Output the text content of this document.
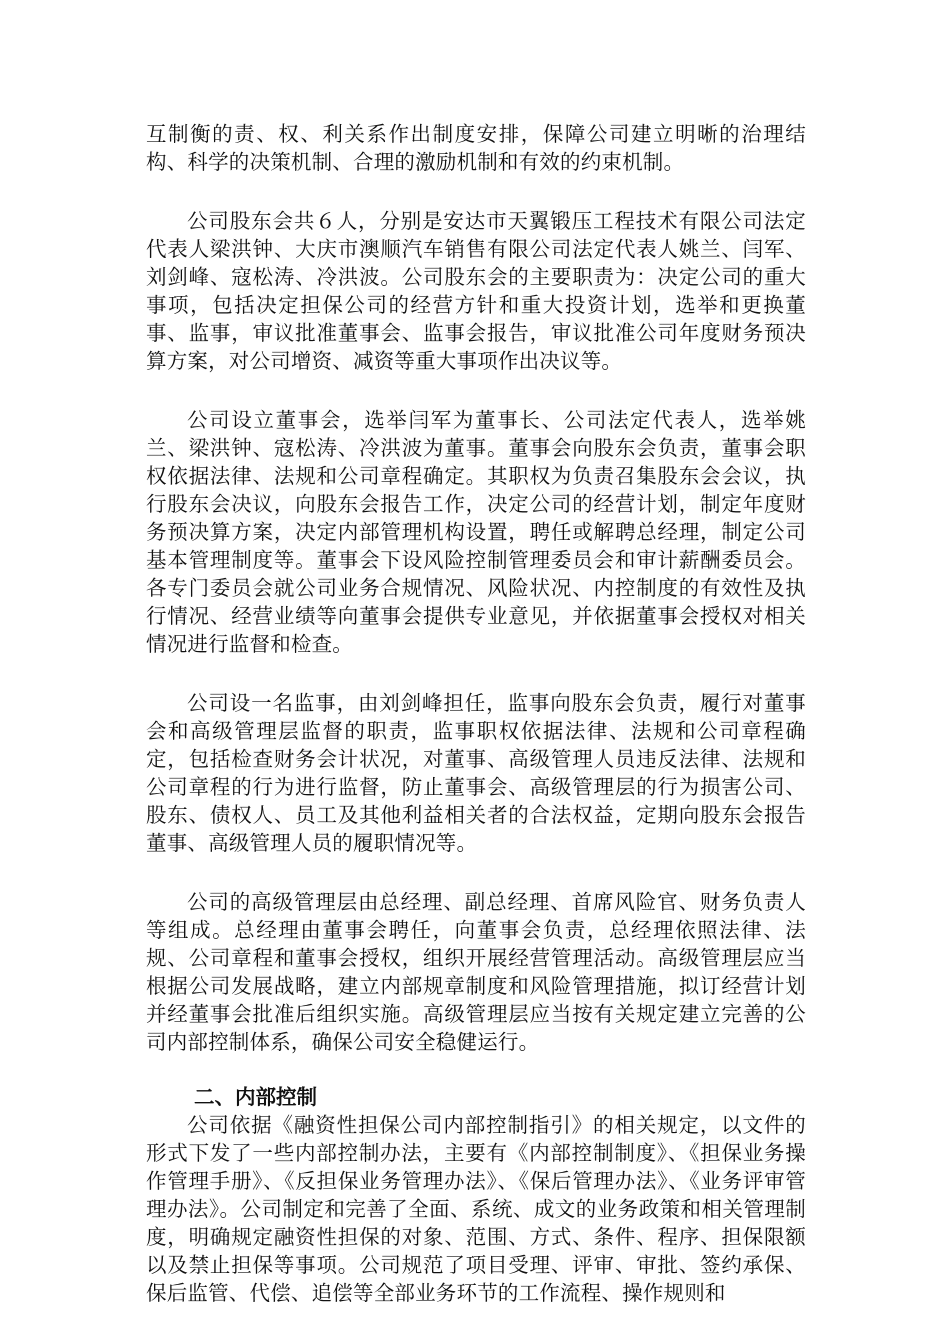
互制衡的责、权、利关系作出制度安排，保障公司建立明晰的治理结构、科学的决策机制、合理的激励机制和有效的约束机制。

公司股东会共６人，分别是安达市天翼锻压工程技术有限公司法定代表人梁洪钟、大庆市澳顺汽车销售有限公司法定代表人姚兰、闫军、刘剑峰、寇松涛、冷洪波。公司股东会的主要职责为：决定公司的重大事项，包括决定担保公司的经营方针和重大投资计划，选举和更换董事、监事，审议批准董事会、监事会报告，审议批准公司年度财务预决算方案，对公司增资、减资等重大事项作出决议等。

公司设立董事会，选举闫军为董事长、公司法定代表人，选举姚兰、梁洪钟、寇松涛、冷洪波为董事。董事会向股东会负责，董事会职权依据法律、法规和公司章程确定。其职权为负责召集股东会会议，执行股东会决议，向股东会报告工作，决定公司的经营计划，制定年度财务预决算方案，决定内部管理机构设置，聘任或解聘总经理，制定公司基本管理制度等。董事会下设风险控制管理委员会和审计薪酬委员会。各专门委员会就公司业务合规情况、风险状况、内控制度的有效性及执行情况、经营业绩等向董事会提供专业意见，并依据董事会授权对相关情况进行监督和检查。

公司设一名监事，由刘剑峰担任，监事向股东会负责，履行对董事会和高级管理层监督的职责，监事职权依据法律、法规和公司章程确定，包括检查财务会计状况，对董事、高级管理人员违反法律、法规和公司章程的行为进行监督，防止董事会、高级管理层的行为损害公司、股东、债权人、员工及其他利益相关者的合法权益，定期向股东会报告董事、高级管理人员的履职情况等。

公司的高级管理层由总经理、副总经理、首席风险官、财务负责人等组成。总经理由董事会聘任，向董事会负责，总经理依照法律、法规、公司章程和董事会授权，组织开展经营管理活动。高级管理层应当根据公司发展战略，建立内部规章制度和风险管理措施，拟订经营计划并经董事会批准后组织实施。高级管理层应当按有关规定建立完善的公司内部控制体系，确保公司安全稳健运行。

二、内部控制

公司依据《融资性担保公司内部控制指引》的相关规定，以文件的形式下发了一些内部控制办法，主要有《内部控制制度》、《担保业务操作管理手册》、《反担保业务管理办法》、《保后管理办法》、《业务评审管理办法》。公司制定和完善了全面、系统、成文的业务政策和相关管理制度，明确规定融资性担保的对象、范围、方式、条件、程序、担保限额以及禁止担保等事项。公司规范了项目受理、评审、审批、签约承保、保后监管、代偿、追偿等全部业务环节的工作流程、操作规则和
